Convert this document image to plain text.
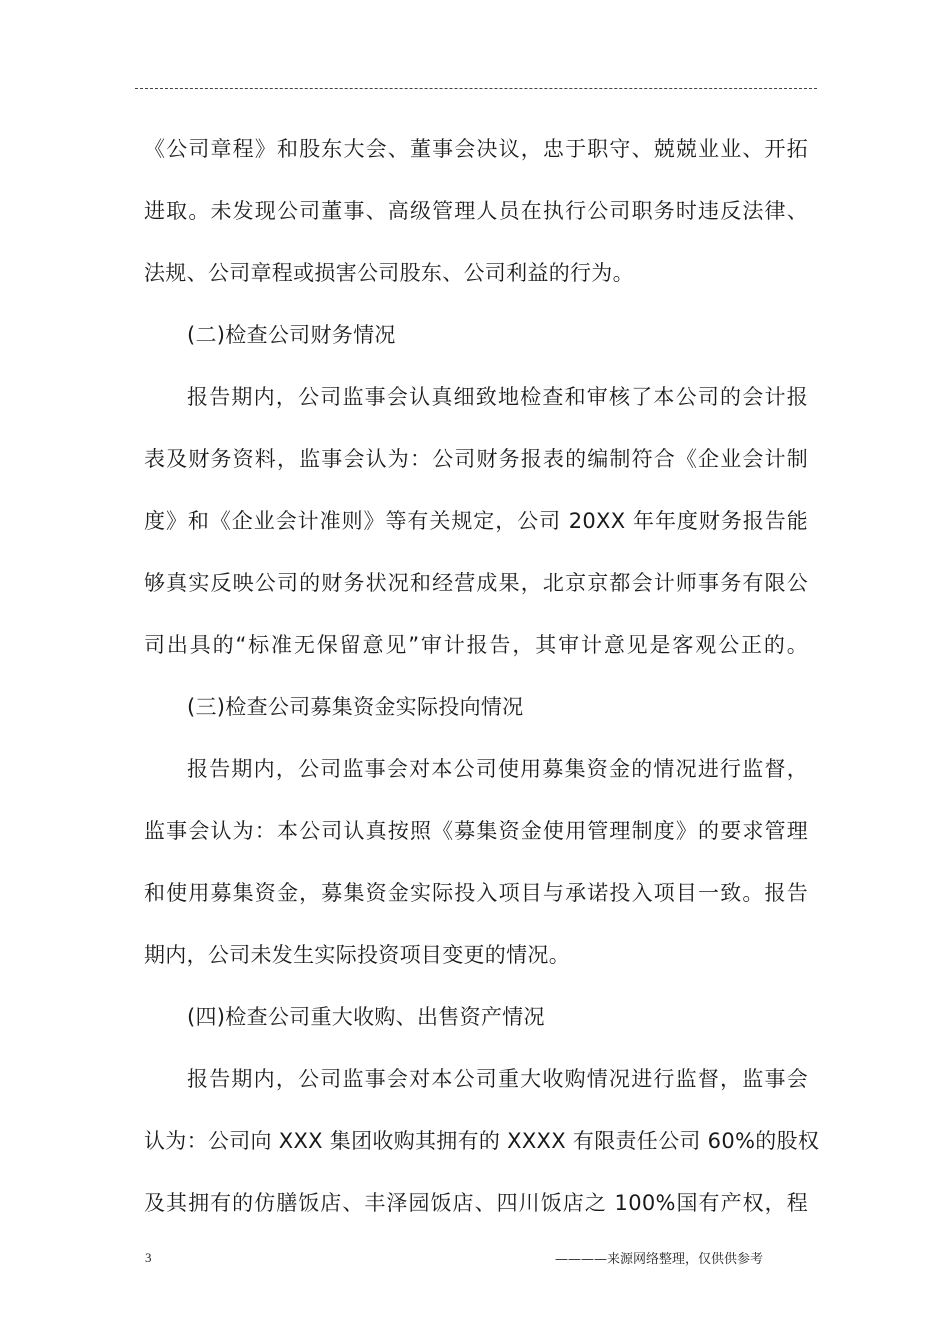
《公司章程》和股东大会、董事会决议，忠于职守、兢兢业业、开拓
进取。未发现公司董事、高级管理人员在执行公司职务时违反法律、
法规、公司章程或损害公司股东、公司利益的行为。
(二)检查公司财务情况
报告期内，公司监事会认真细致地检查和审核了本公司的会计报
表及财务资料，监事会认为：公司财务报表的编制符合《企业会计制
度》和《企业会计准则》等有关规定，公司 20XX 年年度财务报告能
够真实反映公司的财务状况和经营成果，北京京都会计师事务有限公
司出具的“标准无保留意见”审计报告，其审计意见是客观公正的。
(三)检查公司募集资金实际投向情况
报告期内，公司监事会对本公司使用募集资金的情况进行监督，
监事会认为：本公司认真按照《募集资金使用管理制度》的要求管理
和使用募集资金，募集资金实际投入项目与承诺投入项目一致。报告
期内，公司未发生实际投资项目变更的情况。
(四)检查公司重大收购、出售资产情况
报告期内，公司监事会对本公司重大收购情况进行监督，监事会
认为：公司向 XXX 集团收购其拥有的 XXXX 有限责任公司 60%的股权
及其拥有的仿膳饭店、丰泽园饭店、四川饭店之 100%国有产权，程
3	————来源网络整理，仅供供参考
